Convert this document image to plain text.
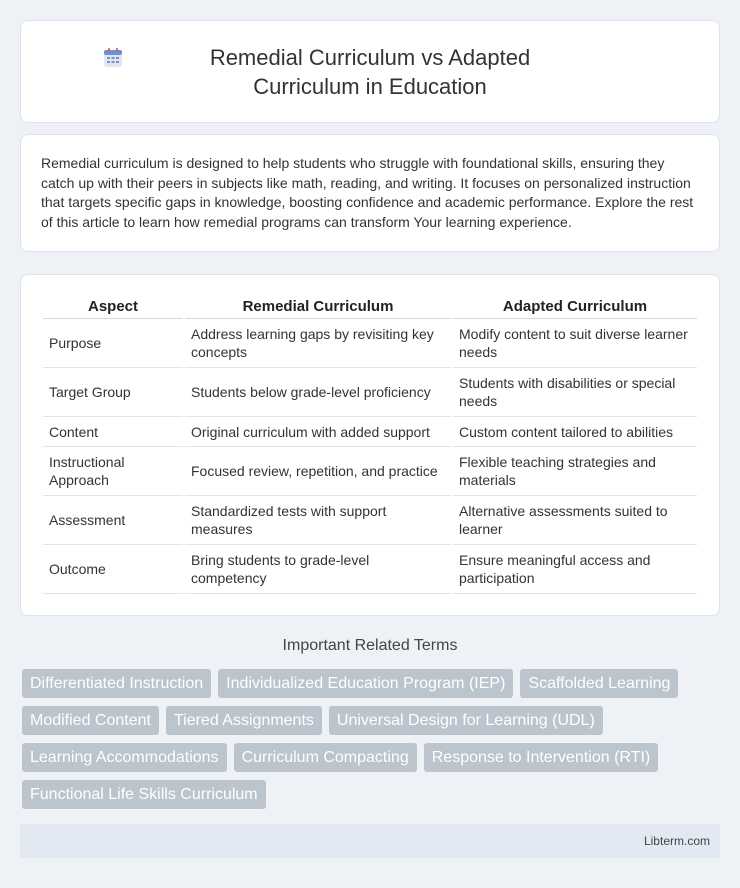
Remedial Curriculum vs Adapted Curriculum in Education

Remedial curriculum is designed to help students who struggle with foundational skills, ensuring they catch up with their peers in subjects like math, reading, and writing. It focuses on personalized instruction that targets specific gaps in knowledge, boosting confidence and academic performance. Explore the rest of this article to learn how remedial programs can transform Your learning experience.

Aspect	Remedial Curriculum	Adapted Curriculum
Purpose	Address learning gaps by revisiting key concepts	Modify content to suit diverse learner needs
Target Group	Students below grade-level proficiency	Students with disabilities or special needs
Content	Original curriculum with added support	Custom content tailored to abilities
Instructional Approach	Focused review, repetition, and practice	Flexible teaching strategies and materials
Assessment	Standardized tests with support measures	Alternative assessments suited to learner
Outcome	Bring students to grade-level competency	Ensure meaningful access and participation
Important Related Terms
Differentiated Instruction	Individualized Education Program (IEP)	Scaffolded Learning
Modified Content	Tiered Assignments	Universal Design for Learning (UDL)
Learning Accommodations	Curriculum Compacting	Response to Intervention (RTI)
Functional Life Skills Curriculum
Libterm.com
